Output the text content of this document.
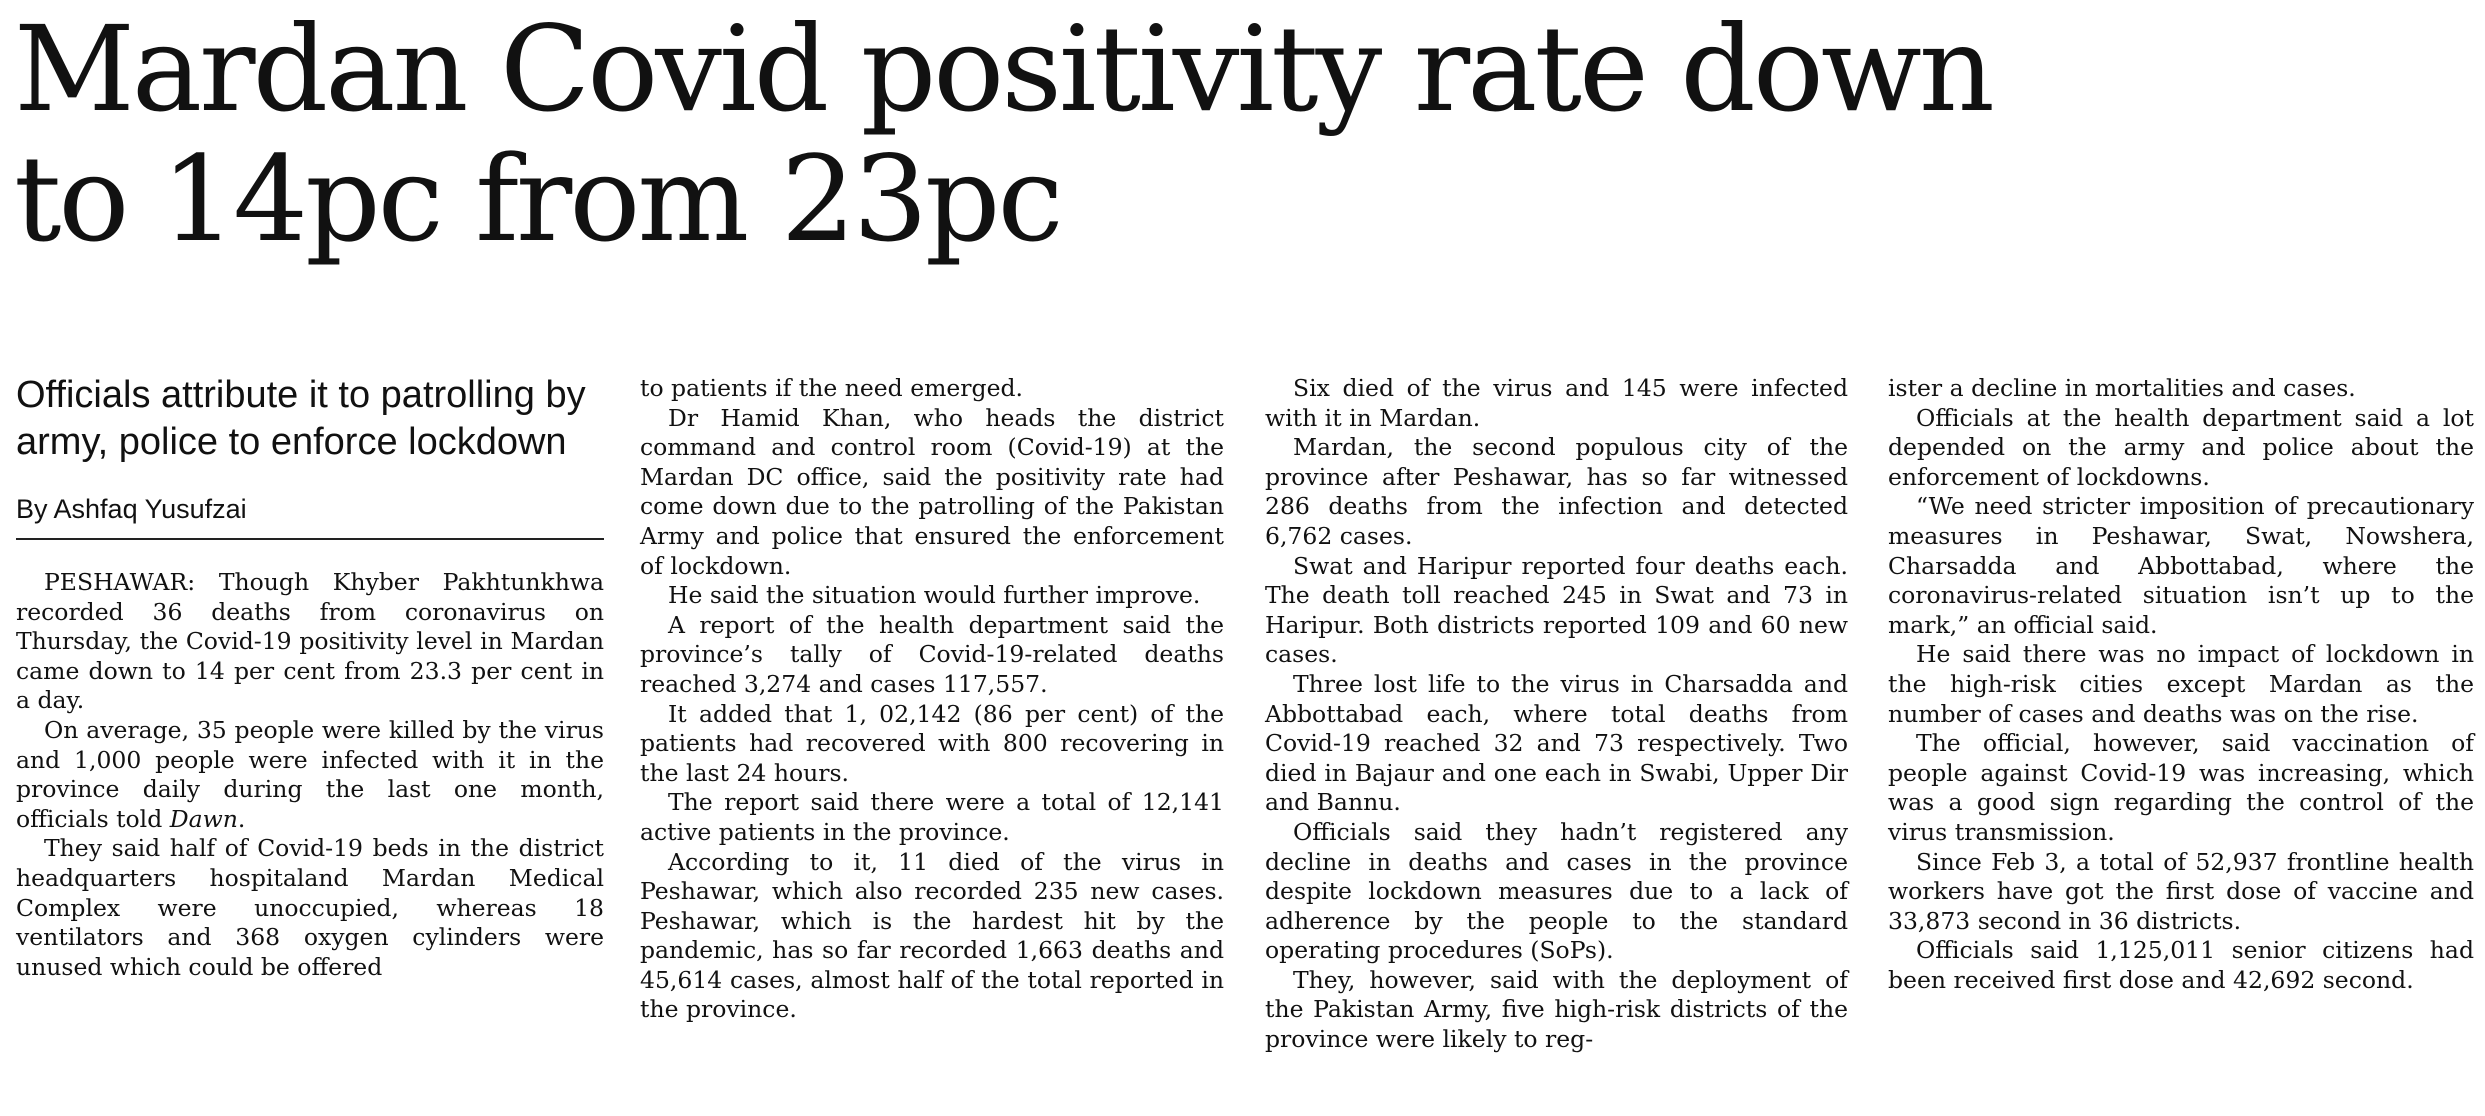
Mardan Covid positivity rate down
to 14pc from 23pc
Officials attribute it to patrolling by army, police to enforce lockdown
By Ashfaq Yusufzai

PESHAWAR: Though Khyber Pakhtunkhwa recorded 36 deaths from coronavirus on Thursday, the Covid-19 positivity level in Mardan came down to 14 per cent from 23.3 per cent in a day.

On average, 35 people were killed by the virus and 1,000 people were infected with it in the province daily during the last one month, officials told Dawn.

They said half of Covid-19 beds in the district headquarters hospitaland Mardan Medical Complex were unoccupied, whereas 18 ventilators and 368 oxygen cylinders were unused which could be offered

to patients if the need emerged.

Dr Hamid Khan, who heads the district command and control room (Covid-19) at the Mardan DC office, said the positivity rate had come down due to the patrolling of the Pakistan Army and police that ensured the enforcement of lockdown.

He said the situation would further improve.

A report of the health department said the province’s tally of Covid-19-related deaths reached 3,274 and cases 117,557.

It added that 1, 02,142 (86 per cent) of the patients had recovered with 800 recovering in the last 24 hours.

The report said there were a total of 12,141 active patients in the province.

According to it, 11 died of the virus in Peshawar, which also recorded 235 new cases. Peshawar, which is the hardest hit by the pandemic, has so far recorded 1,663 deaths and 45,614 cases, almost half of the total reported in the province.

Six died of the virus and 145 were infected with it in Mardan.

Mardan, the second populous city of the province after Peshawar, has so far witnessed 286 deaths from the infection and detected 6,762 cases.

Swat and Haripur reported four deaths each. The death toll reached 245 in Swat and 73 in Haripur. Both districts reported 109 and 60 new cases.

Three lost life to the virus in Charsadda and Abbottabad each, where total deaths from Covid-19 reached 32 and 73 respectively. Two died in Bajaur and one each in Swabi, Upper Dir and Bannu.

Officials said they hadn’t registered any decline in deaths and cases in the province despite lockdown measures due to a lack of adherence by the people to the standard operating procedures (SoPs).

They, however, said with the deployment of the Pakistan Army, five high-risk districts of the province were likely to reg-

ister a decline in mortalities and cases.

Officials at the health department said a lot depended on the army and police about the enforcement of lockdowns.

“We need stricter imposition of precautionary measures in Peshawar, Swat, Nowshera, Charsadda and Abbottabad, where the coronavirus-related situation isn’t up to the mark,” an official said.

He said there was no impact of lockdown in the high-risk cities except Mardan as the number of cases and deaths was on the rise.

The official, however, said vaccination of people against Covid-19 was increasing, which was a good sign regarding the control of the virus transmission.

Since Feb 3, a total of 52,937 frontline health workers have got the first dose of vaccine and 33,873 second in 36 districts.

Officials said 1,125,011 senior citizens had been received first dose and 42,692 second.
